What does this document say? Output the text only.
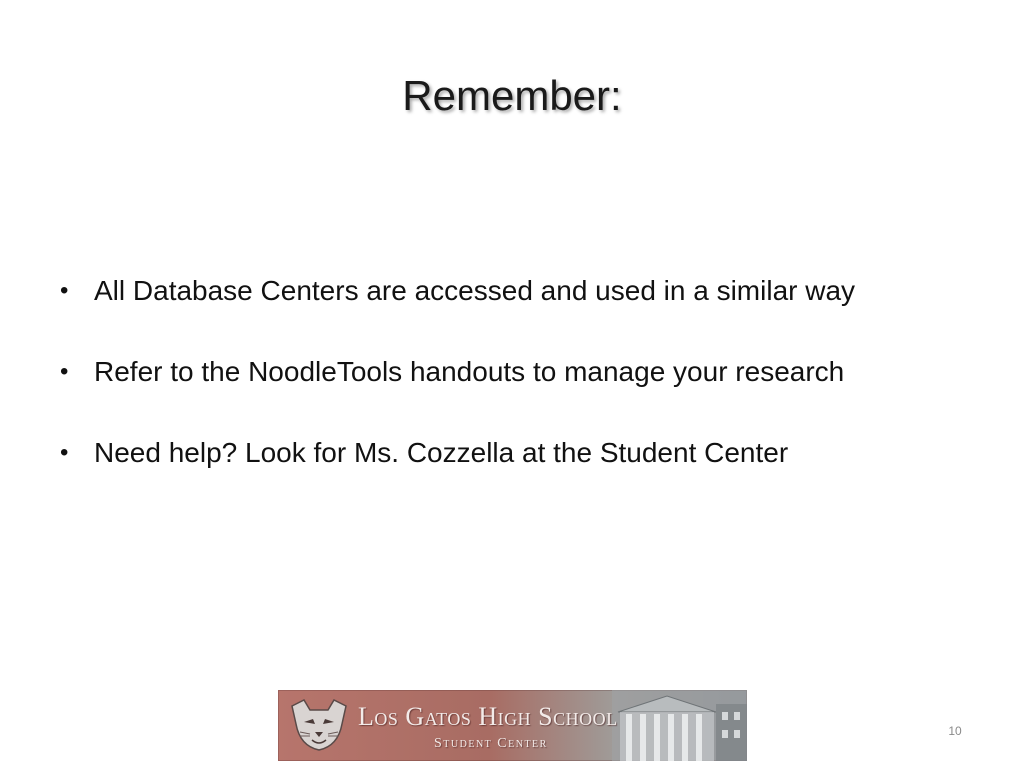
Remember:
• All Database Centers are accessed and used in a similar way
• Refer to the NoodleTools handouts to manage your research
• Need help? Look for Ms. Cozzella at the Student Center
Los Gatos High School
Student Center
10
